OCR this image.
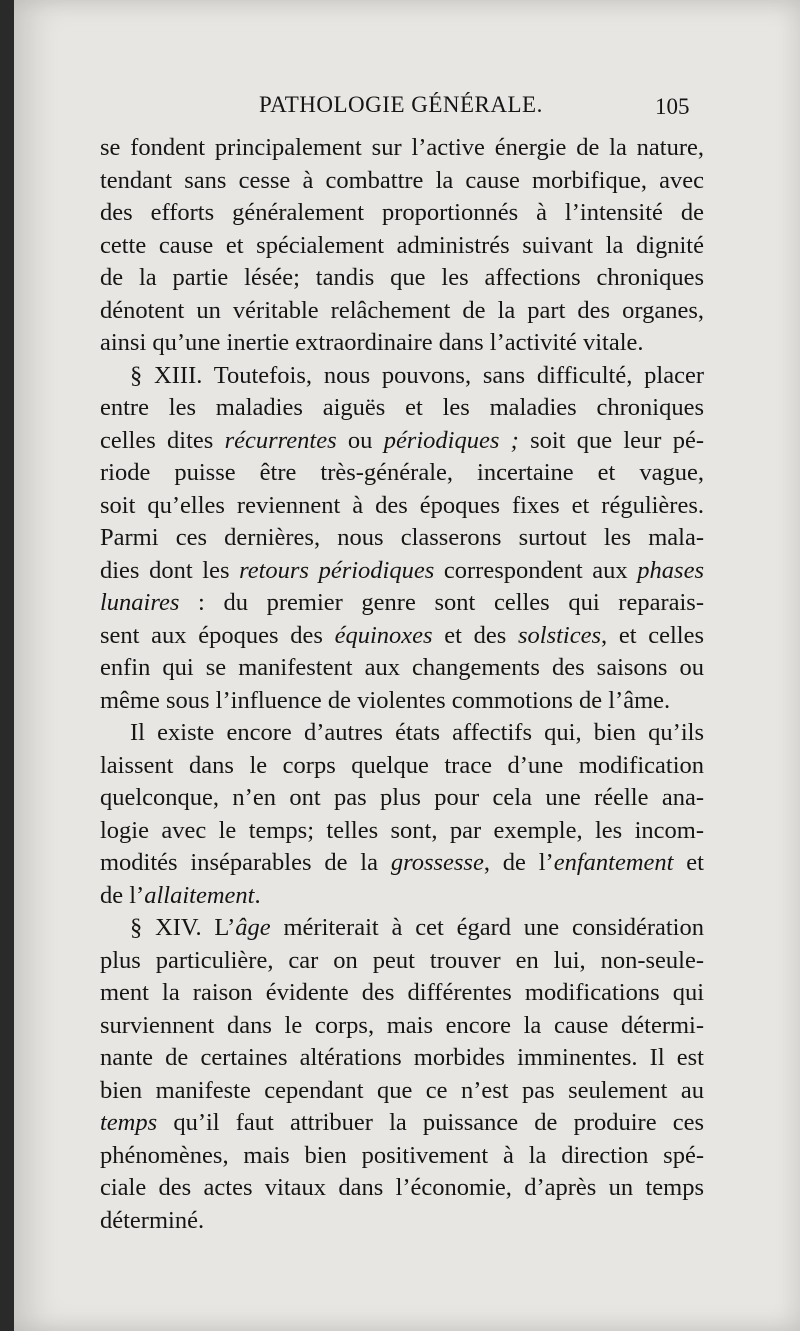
PATHOLOGIE GÉNÉRALE.	105

se fondent principalement sur l’active énergie de la nature,
tendant sans cesse à combattre la cause morbifique, avec
des efforts généralement proportionnés à l’intensité de
cette cause et spécialement administrés suivant la dignité
de la partie lésée; tandis que les affections chroniques
dénotent un véritable relâchement de la part des organes,
ainsi qu’une inertie extraordinaire dans l’activité vitale.

§ XIII. Toutefois, nous pouvons, sans difficulté, placer
entre les maladies aiguës et les maladies chroniques
celles dites récurrentes ou périodiques ; soit que leur pé-
riode puisse être très-générale, incertaine et vague,
soit qu’elles reviennent à des époques fixes et régulières.
Parmi ces dernières, nous classerons surtout les mala-
dies dont les retours périodiques correspondent aux phases
lunaires : du premier genre sont celles qui reparais-
sent aux époques des équinoxes et des solstices, et celles
enfin qui se manifestent aux changements des saisons ou
même sous l’influence de violentes commotions de l’âme.

Il existe encore d’autres états affectifs qui, bien qu’ils
laissent dans le corps quelque trace d’une modification
quelconque, n’en ont pas plus pour cela une réelle ana-
logie avec le temps; telles sont, par exemple, les incom-
modités inséparables de la grossesse, de l’enfantement et
de l’allaitement.

§ XIV. L’âge mériterait à cet égard une considération
plus particulière, car on peut trouver en lui, non-seule-
ment la raison évidente des différentes modifications qui
surviennent dans le corps, mais encore la cause détermi-
nante de certaines altérations morbides imminentes. Il est
bien manifeste cependant que ce n’est pas seulement au
temps qu’il faut attribuer la puissance de produire ces
phénomènes, mais bien positivement à la direction spé-
ciale des actes vitaux dans l’économie, d’après un temps
déterminé.
